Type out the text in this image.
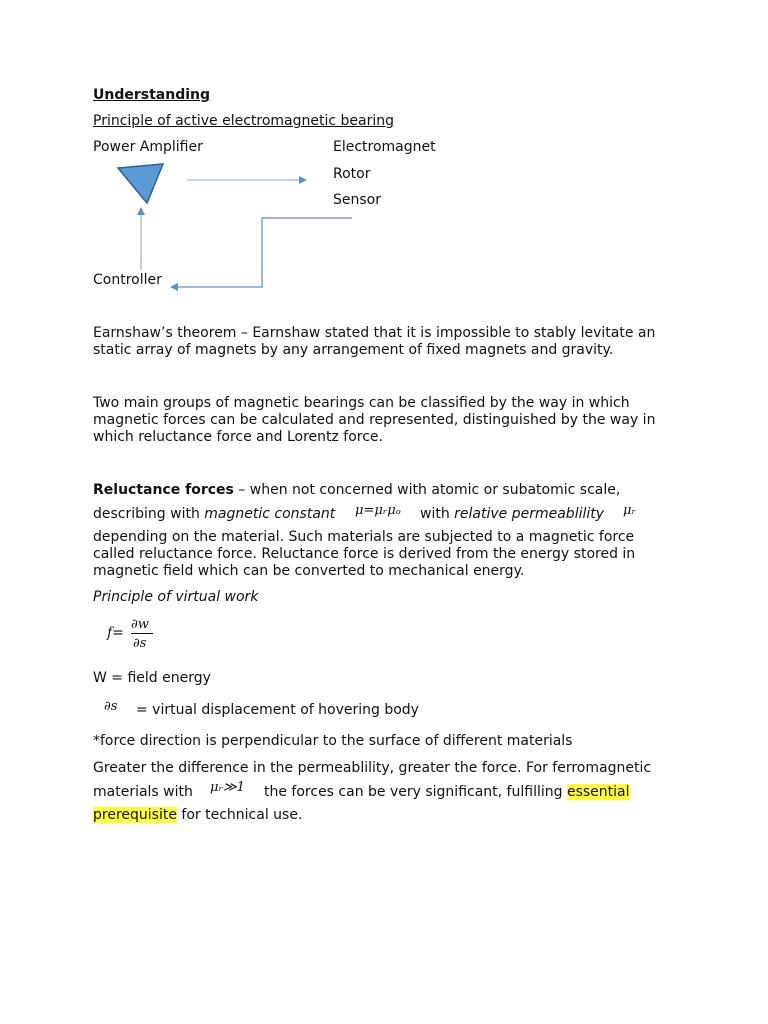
Understanding
Principle of active electromagnetic bearing
Power Amplifier	Electromagnet
Rotor
Sensor
Controller
Earnshaw’s theorem – Earnshaw stated that it is impossible to stably levitate an
static array of magnets by any arrangement of fixed magnets and gravity.
Two main groups of magnetic bearings can be classified by the way in which
magnetic forces can be calculated and represented, distinguished by the way in
which reluctance force and Lorentz force.
Reluctance forces – when not concerned with atomic or subatomic scale,
describing with magnetic constant μ=μᵣμₒ with relative permeablility μᵣ
depending on the material. Such materials are subjected to a magnetic force
called reluctance force. Reluctance force is derived from the energy stored in
magnetic field which can be converted to mechanical energy.
Principle of virtual work
f=
∂w
∂s
W = field energy
∂s = virtual displacement of hovering body
*force direction is perpendicular to the surface of different materials
Greater the difference in the permeablility, greater the force. For ferromagnetic
materials with μᵣ≫1 the forces can be very significant, fulfilling essential
prerequisite for technical use.
